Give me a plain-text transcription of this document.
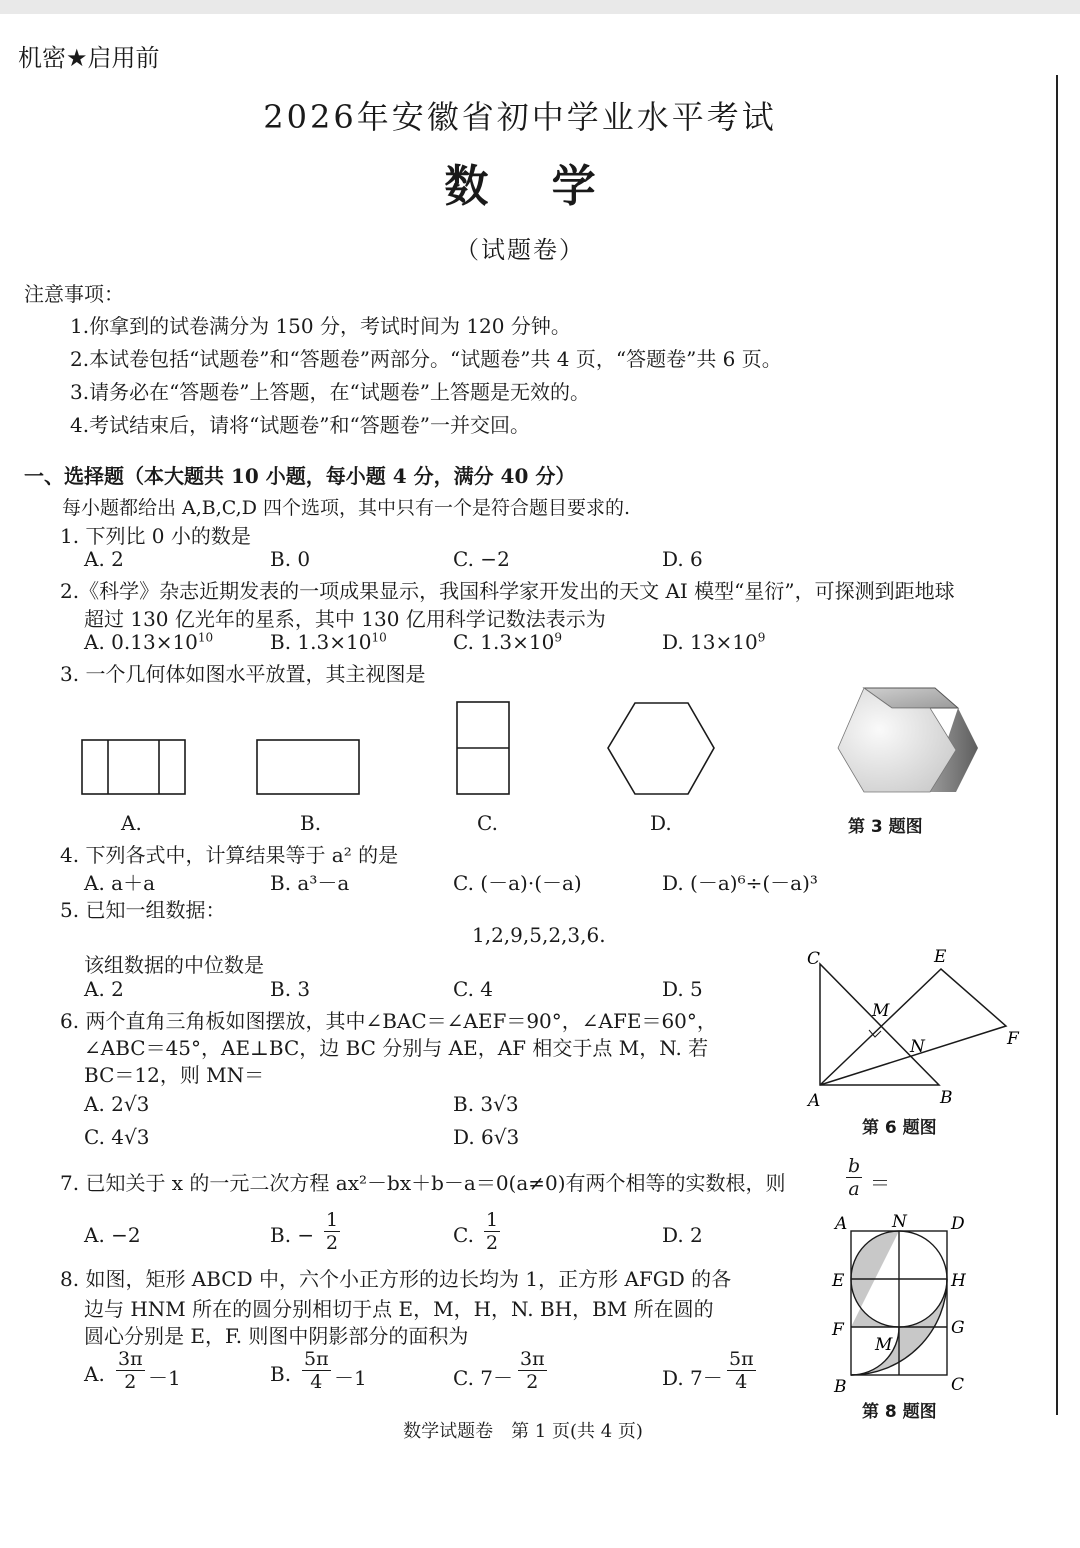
机密★启用前
2026年安徽省初中学业水平考试
数 学
（试题卷）
注意事项：
1.你拿到的试卷满分为 150 分，考试时间为 120 分钟。
2.本试卷包括“试题卷”和“答题卷”两部分。“试题卷”共 4 页，“答题卷”共 6 页。
3.请务必在“答题卷”上答题，在“试题卷”上答题是无效的。
4.考试结束后，请将“试题卷”和“答题卷”一并交回。
一、选择题（本大题共 10 小题，每小题 4 分，满分 40 分）
每小题都给出 A,B,C,D 四个选项，其中只有一个是符合题目要求的.
1. 下列比 0 小的数是
A. 2	B. 0	C. −2	D. 6
2.《科学》杂志近期发表的一项成果显示，我国科学家开发出的天文 AI 模型“星衍”，可探测到距地球
超过 130 亿光年的星系，其中 130 亿用科学记数法表示为
A. $0.13\times 10^{10}$	B. $1.3\times 10^{10}$	C. $1.3\times 10^9$	D. $13\times 10^9$
3. 一个几何体如图水平放置，其主视图是
A.	B.	C.	D.	第 3 题图
4. 下列各式中，计算结果等于 a² 的是
A. a＋a	B. a³－a	C. (－a)·(－a)	D. (－a)⁶÷(－a)³
5. 已知一组数据：
1,2,9,5,2,3,6.
该组数据的中位数是
A. 2	B. 3	C. 4	D. 5
6. 两个直角三角板如图摆放，其中∠BAC＝∠AEF＝90°，∠AFE＝60°，
∠ABC＝45°，AE⊥BC，边 BC 分别与 AE，AF 相交于点 M，N. 若
BC＝12，则 MN＝
A. 2√3	B. 3√3
C. 4√3	D. 6√3
C	E
M
N	F
A	B
第 6 题图
7. 已知关于 x 的一元二次方程 ax²－bx＋b－a＝0(a≠0)有两个相等的实数根，则	$\frac{b}{a}$ ＝
A. −2	B. − $\frac{1}{2}$	C. $\frac{1}{2}$	D. 2
8. 如图，矩形 ABCD 中，六个小正方形的边长均为 1，正方形 AFGD 的各
边与 HNM 所在的圆分别相切于点 E，M，H，N. BH，BM 所在圆的
圆心分别是 E，F. 则图中阴影部分的面积为
A. $\frac{3\pi}{2} -1$	B. $\frac{5\pi}{4} -1$	C. $7- \frac{3\pi}{2}$	D. $7- \frac{5\pi}{4}$
A	N	D
E	H
F	G
M
B	C
第 8 题图
数学试题卷　第 1 页(共 4 页)
